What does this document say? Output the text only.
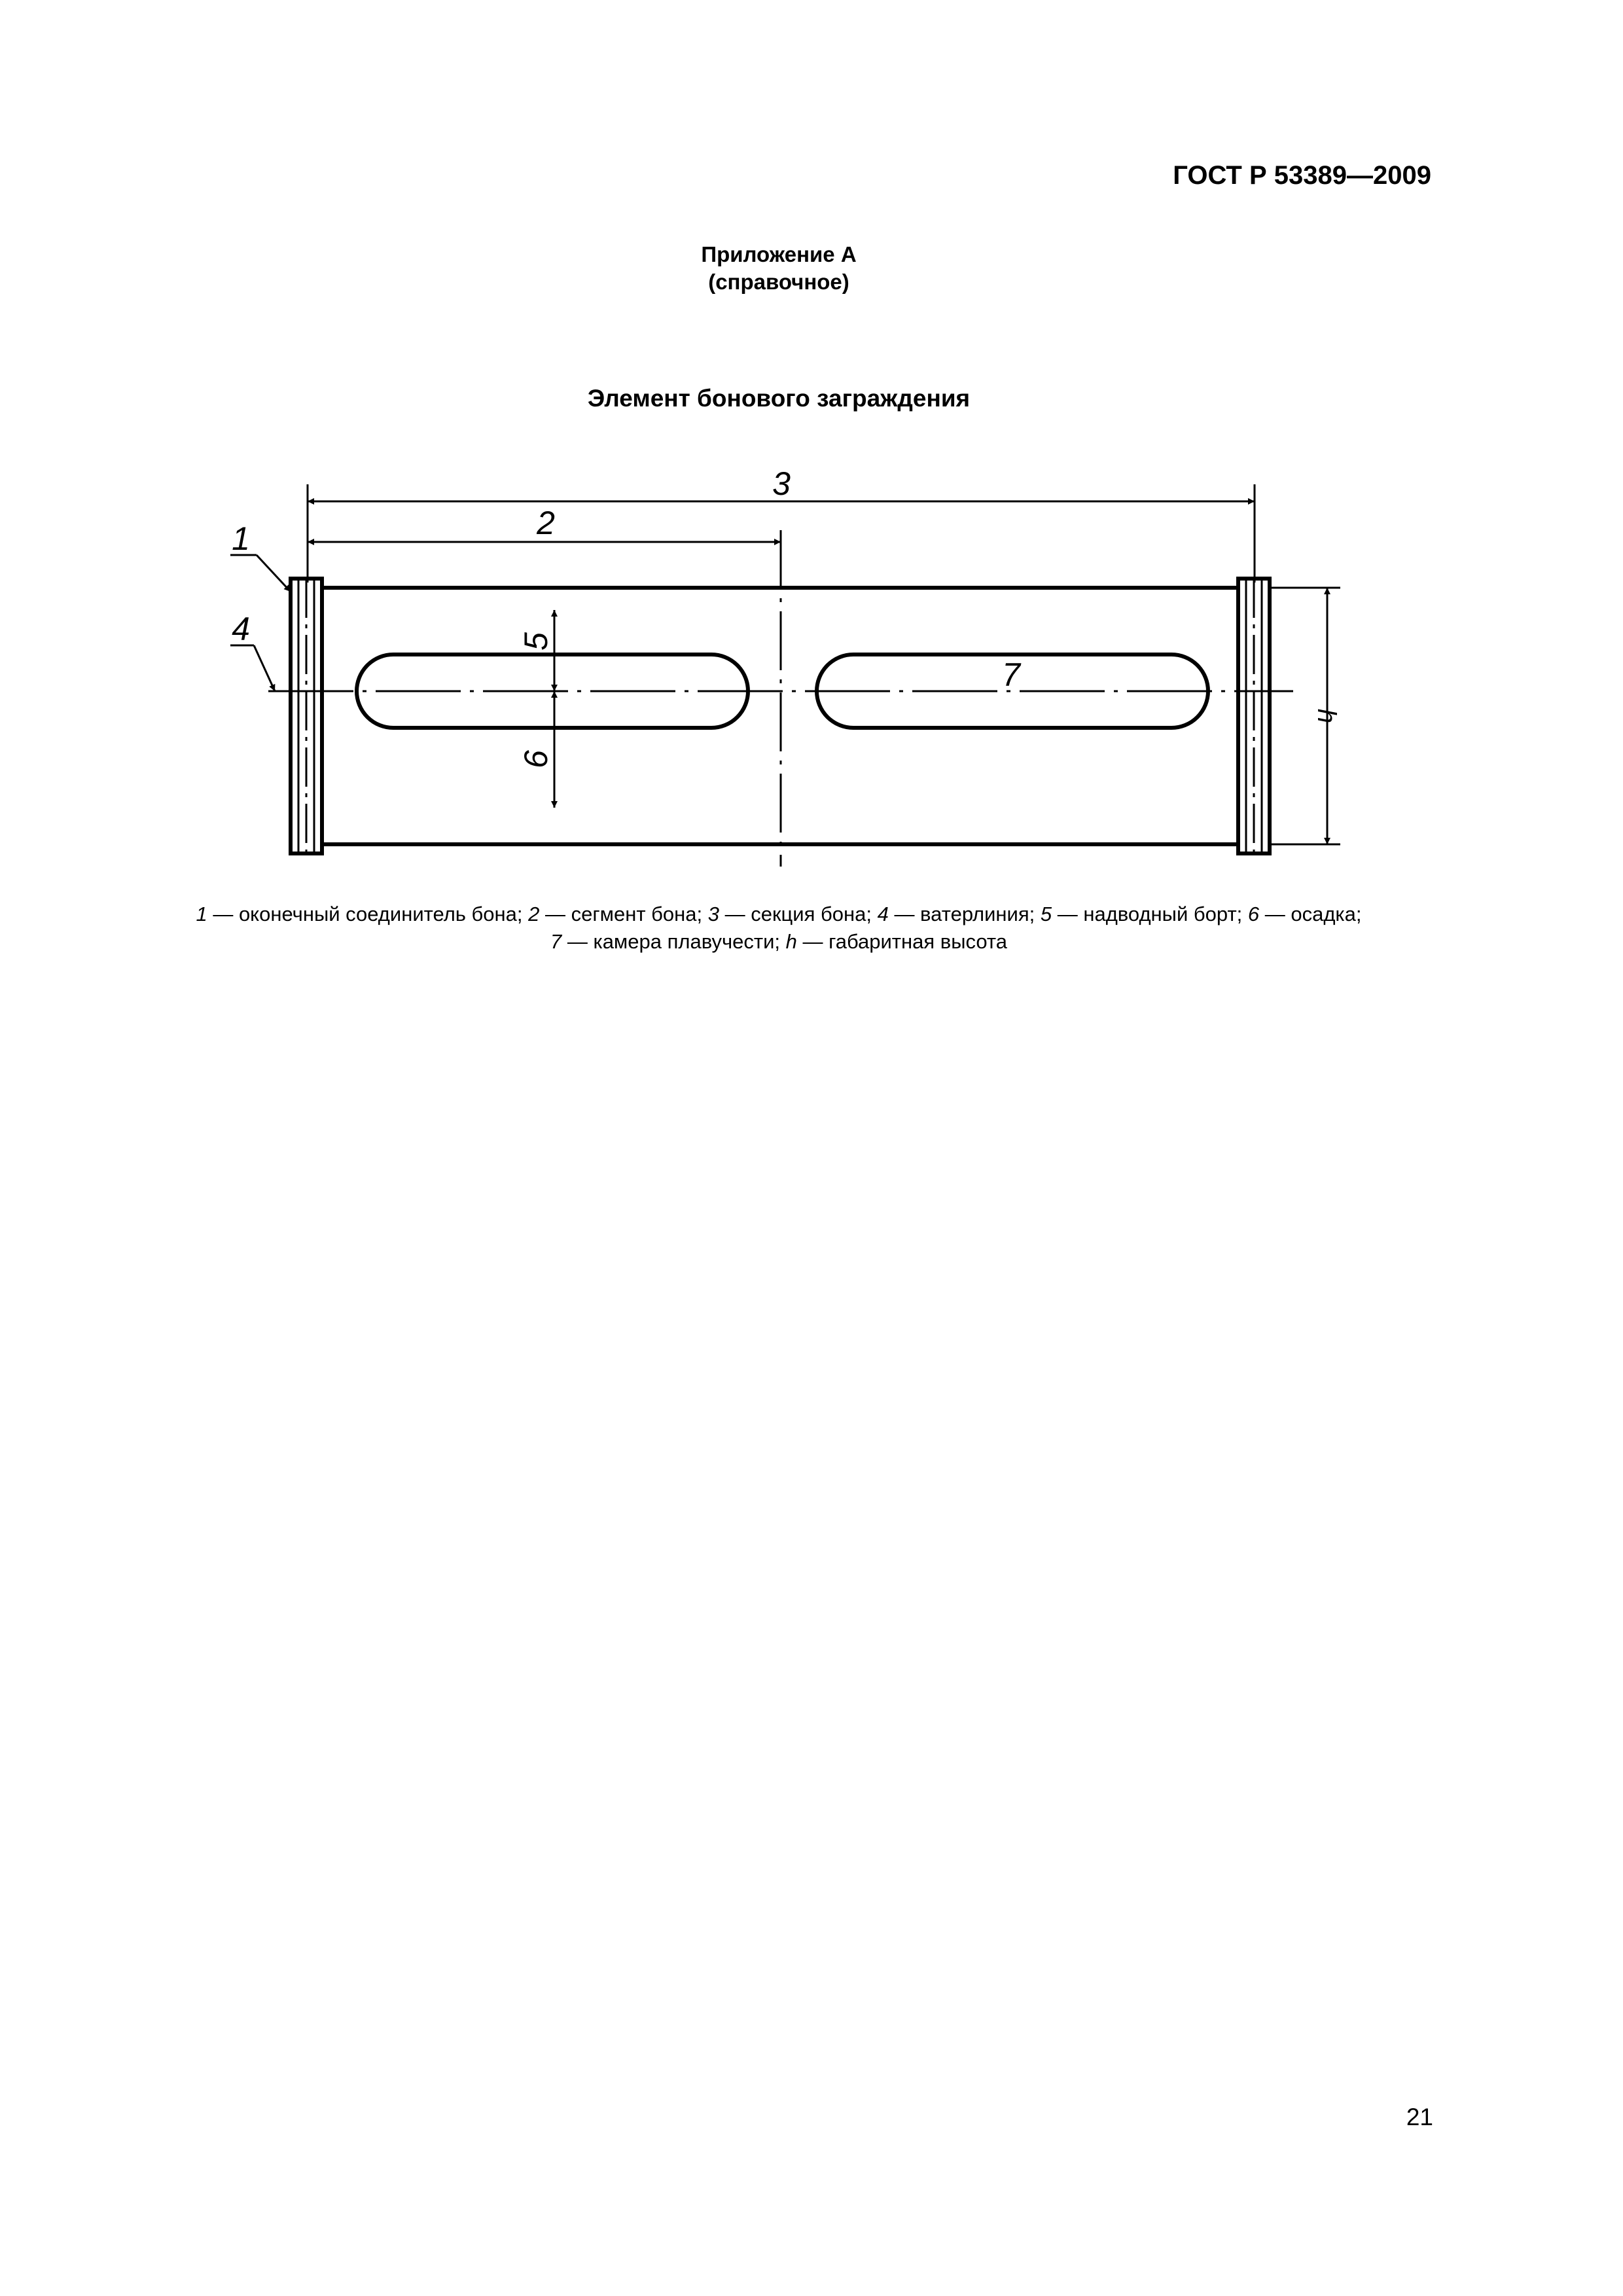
ГОСТ Р 53389—2009
Приложение А
(справочное)
Элемент бонового заграждения
3
2
7
5
6
h
1
4
1 — оконечный соединитель бона; 2 — сегмент бона; 3 — секция бона; 4 — ватерлиния; 5 — надводный борт; 6 — осадка;
7 — камера плавучести; h — габаритная высота
21
